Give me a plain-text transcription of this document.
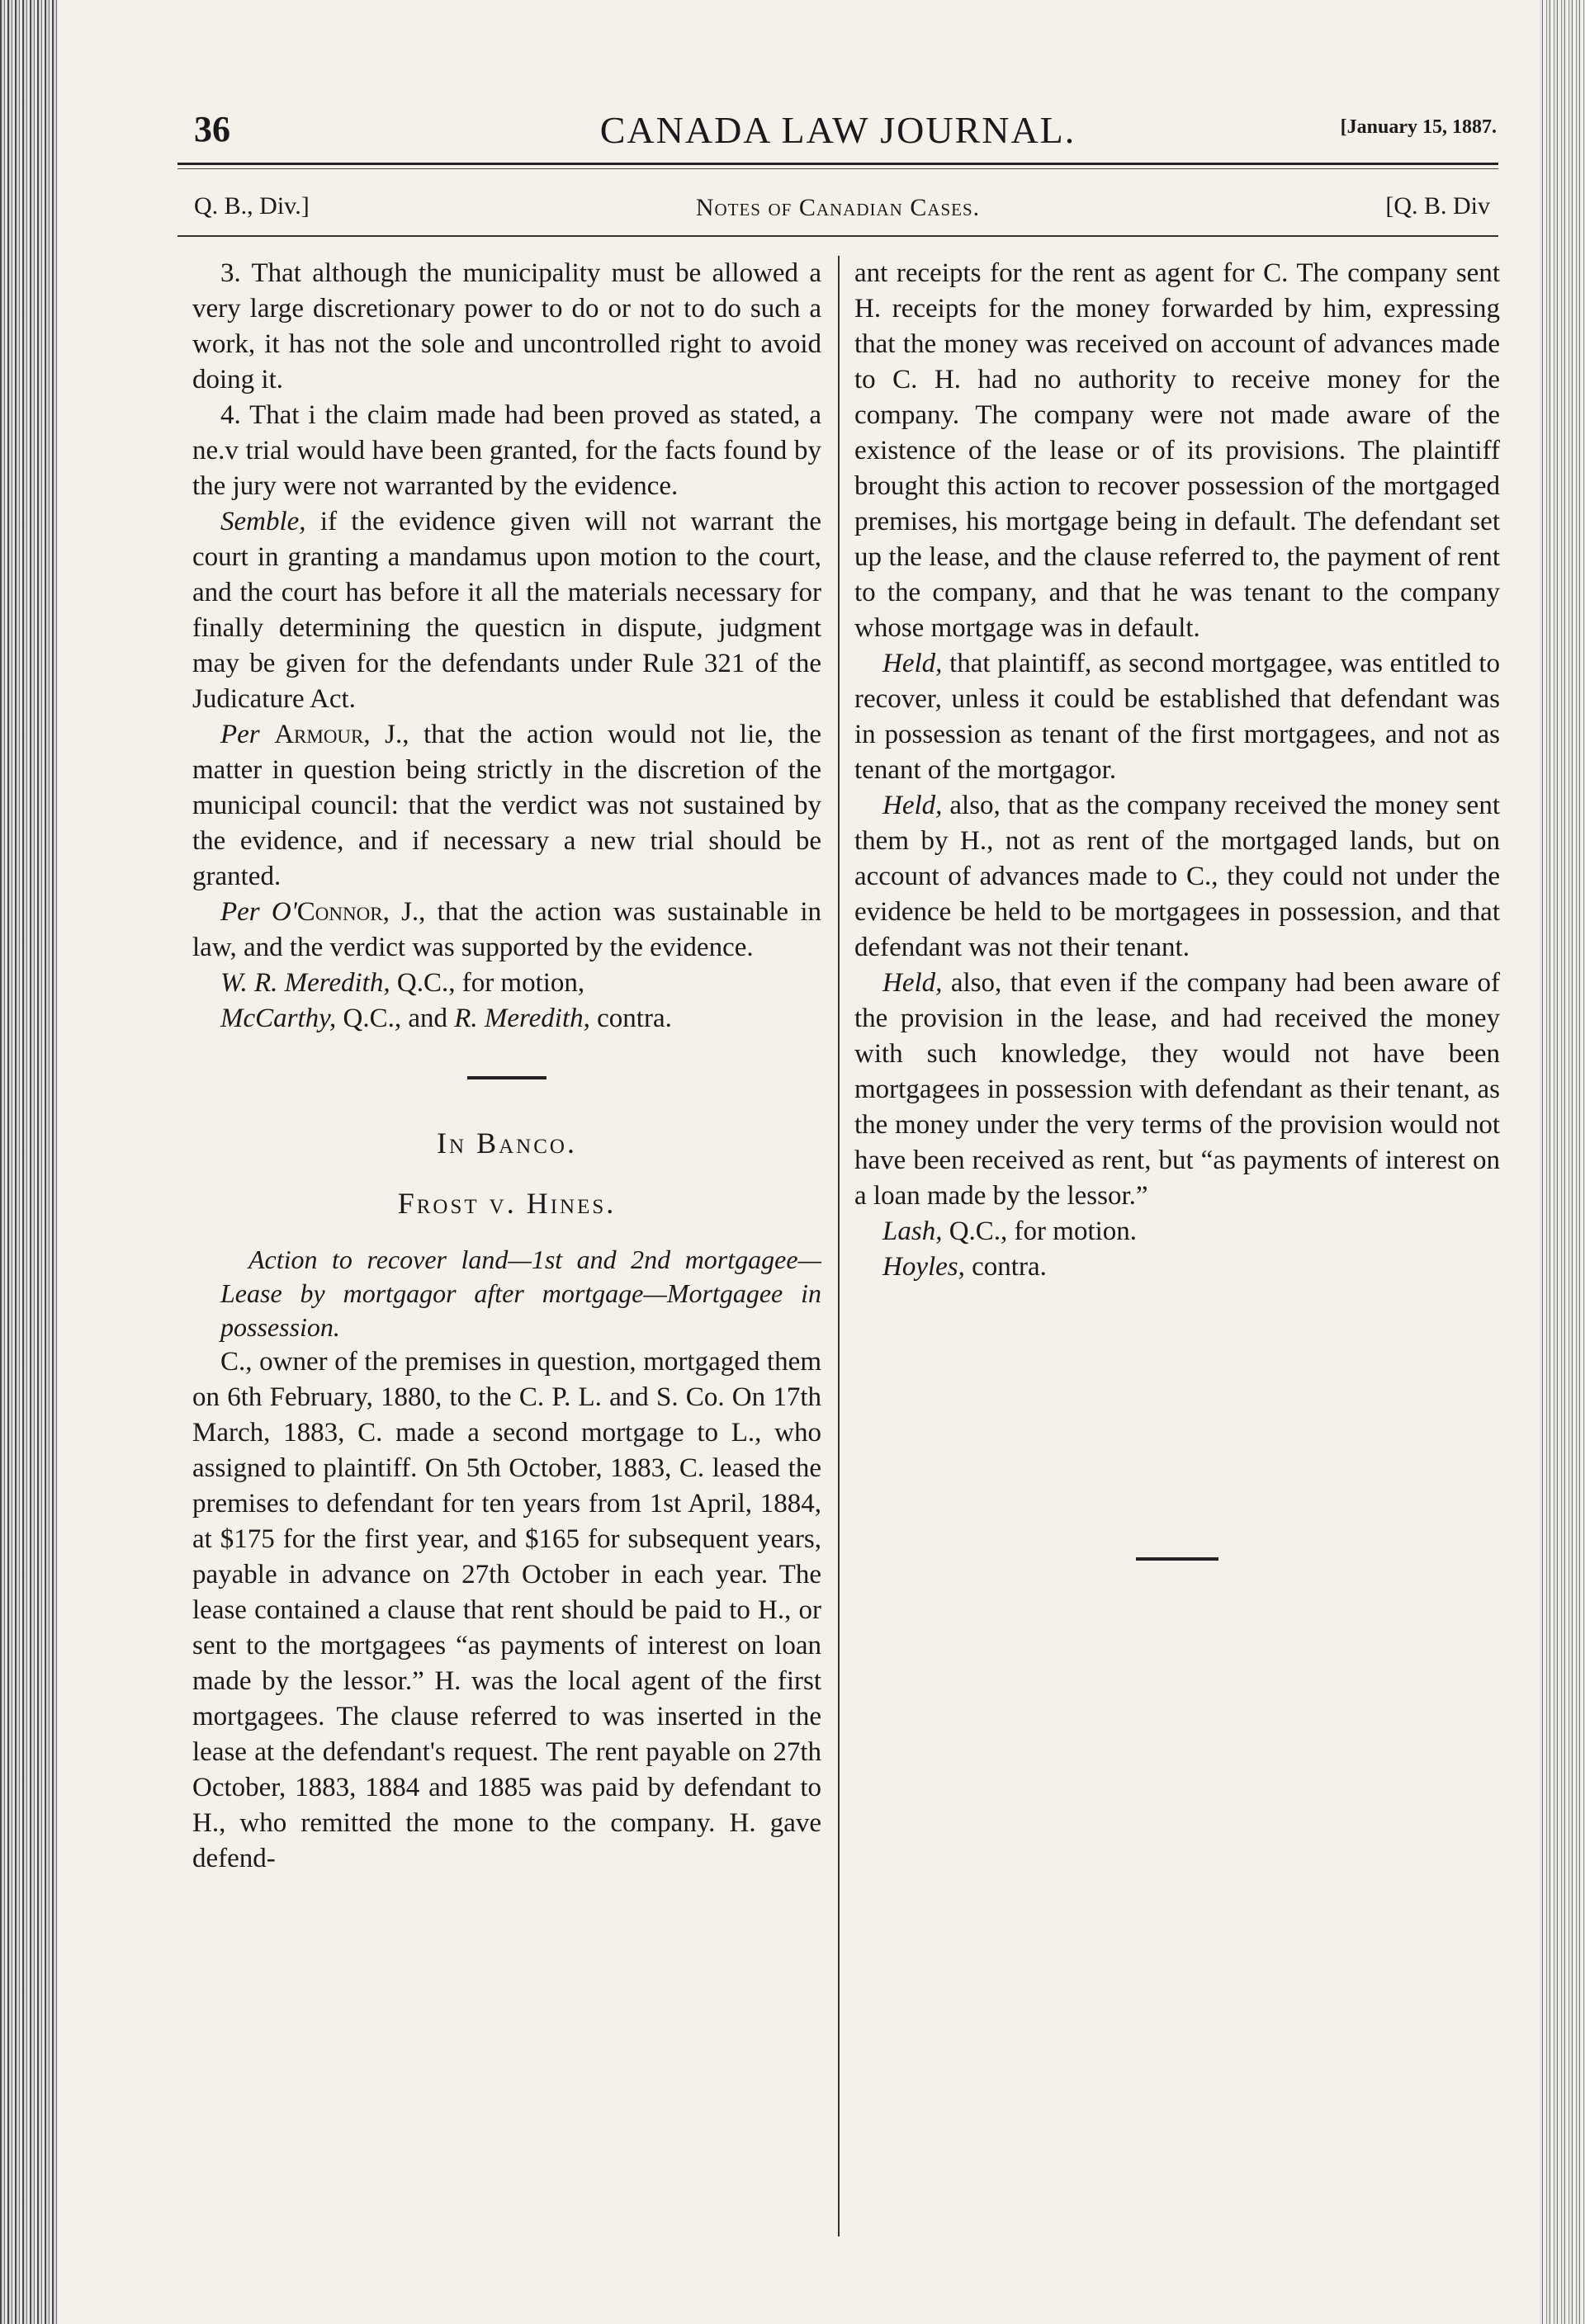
36	CANADA LAW JOURNAL.	[January 15, 1887.
Q. B., Div.]	Notes of Canadian Cases.	[Q. B. Div

3. That although the municipality must be allowed a very large discretionary power to do or not to do such a work, it has not the sole and uncontrolled right to avoid doing it.

4. That i the claim made had been proved as stated, a ne.v trial would have been granted, for the facts found by the jury were not warranted by the evidence.

Semble, if the evidence given will not warrant the court in granting a mandamus upon motion to the court, and the court has before it all the materials necessary for finally determining the questicn in dispute, judgment may be given for the defendants under Rule 321 of the Judicature Act.

Per Armour, J., that the action would not lie, the matter in question being strictly in the discretion of the municipal council: that the verdict was not sustained by the evidence, and if necessary a new trial should be granted.

Per O'Connor, J., that the action was sustainable in law, and the verdict was supported by the evidence.

W. R. Meredith, Q.C., for motion,

McCarthy, Q.C., and R. Meredith, contra.

In Banco.
Frost v. Hines.

Action to recover land—1st and 2nd mortgagee—Lease by mortgagor after mortgage—Mortgagee in possession.

C., owner of the premises in question, mortgaged them on 6th February, 1880, to the C. P. L. and S. Co. On 17th March, 1883, C. made a second mortgage to L., who assigned to plaintiff. On 5th October, 1883, C. leased the premises to defendant for ten years from 1st April, 1884, at $175 for the first year, and $165 for subsequent years, payable in advance on 27th October in each year. The lease contained a clause that rent should be paid to H., or sent to the mortgagees “as payments of interest on loan made by the lessor.” H. was the local agent of the first mortgagees. The clause referred to was inserted in the lease at the defendant's request. The rent payable on 27th October, 1883, 1884 and 1885 was paid by defendant to H., who remitted the mone to the company. H. gave defend-

ant receipts for the rent as agent for C. The company sent H. receipts for the money forwarded by him, expressing that the money was received on account of advances made to C. H. had no authority to receive money for the company. The company were not made aware of the existence of the lease or of its provisions. The plaintiff brought this action to recover possession of the mortgaged premises, his mortgage being in default. The defendant set up the lease, and the clause referred to, the payment of rent to the company, and that he was tenant to the company whose mortgage was in default.

Held, that plaintiff, as second mortgagee, was entitled to recover, unless it could be established that defendant was in possession as tenant of the first mortgagees, and not as tenant of the mortgagor.

Held, also, that as the company received the money sent them by H., not as rent of the mortgaged lands, but on account of advances made to C., they could not under the evidence be held to be mortgagees in possession, and that defendant was not their tenant.

Held, also, that even if the company had been aware of the provision in the lease, and had received the money with such knowledge, they would not have been mortgagees in possession with defendant as their tenant, as the money under the very terms of the provision would not have been received as rent, but “as payments of interest on a loan made by the lessor.”

Lash, Q.C., for motion.

Hoyles, contra.
